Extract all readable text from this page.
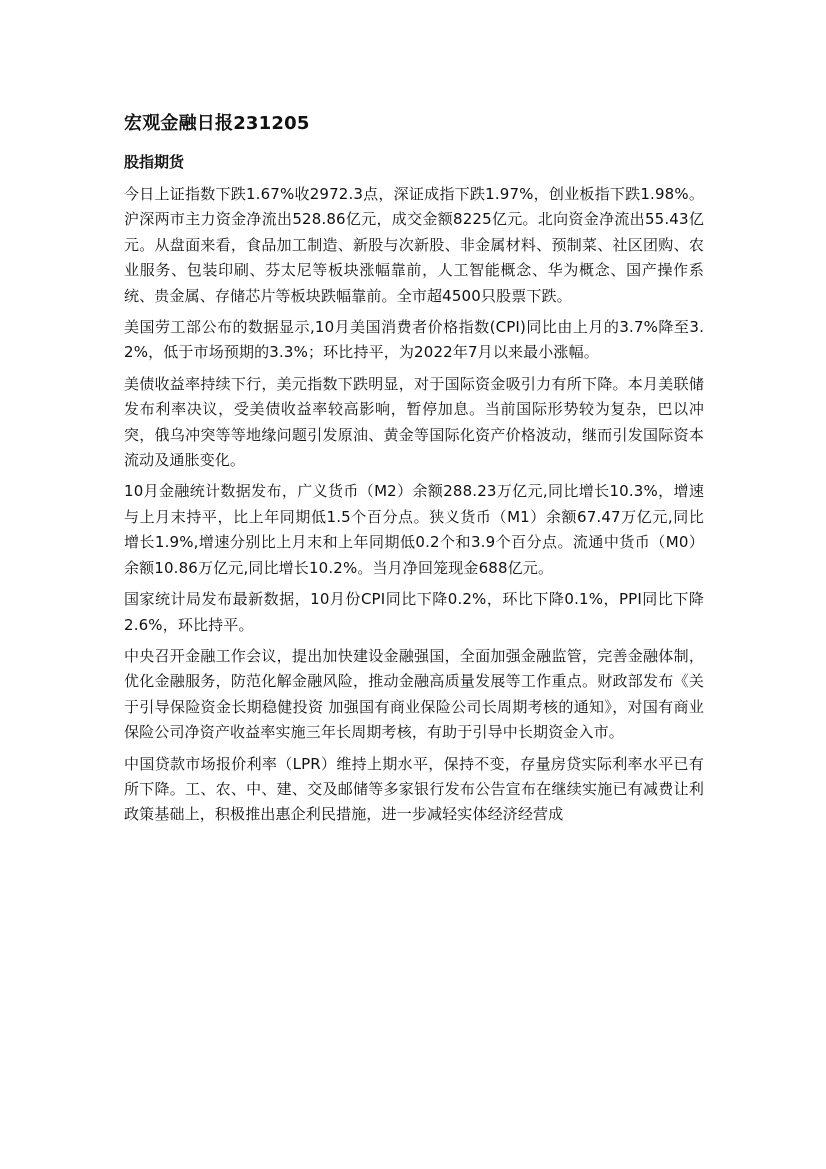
宏观金融日报231205
股指期货

今日上证指数下跌1.67%收2972.3点，深证成指下跌1.97%，创业板指下跌1.98%。沪深两市主力资金净流出528.86亿元，成交金额8225亿元。北向资金净流出55.43亿元。从盘面来看，食品加工制造、新股与次新股、非金属材料、预制菜、社区团购、农业服务、包装印刷、芬太尼等板块涨幅靠前，人工智能概念、华为概念、国产操作系统、贵金属、存储芯片等板块跌幅靠前。全市超4500只股票下跌。

美国劳工部公布的数据显示,10月美国消费者价格指数(CPI)同比由上月的3.7%降至3.2%，低于市场预期的3.3%；环比持平，为2022年7月以来最小涨幅。

美债收益率持续下行，美元指数下跌明显，对于国际资金吸引力有所下降。本月美联储发布利率决议，受美债收益率较高影响，暂停加息。当前国际形势较为复杂，巴以冲突，俄乌冲突等等地缘问题引发原油、黄金等国际化资产价格波动，继而引发国际资本流动及通胀变化。

10月金融统计数据发布，广义货币（M2）余额288.23万亿元,同比增长10.3%，增速与上月末持平，比上年同期低1.5个百分点。狭义货币（M1）余额67.47万亿元,同比增长1.9%,增速分别比上月末和上年同期低0.2个和3.9个百分点。流通中货币（M0）余额10.86万亿元,同比增长10.2%。当月净回笼现金688亿元。

国家统计局发布最新数据，10月份CPI同比下降0.2%，环比下降0.1%，PPI同比下降2.6%，环比持平。

中央召开金融工作会议，提出加快建设金融强国，全面加强金融监管，完善金融体制，优化金融服务，防范化解金融风险，推动金融高质量发展等工作重点。财政部发布《关于引导保险资金长期稳健投资 加强国有商业保险公司长周期考核的通知》，对国有商业保险公司净资产收益率实施三年长周期考核，有助于引导中长期资金入市。

中国贷款市场报价利率（LPR）维持上期水平，保持不变，存量房贷实际利率水平已有所下降。工、农、中、建、交及邮储等多家银行发布公告宣布在继续实施已有减费让利政策基础上，积极推出惠企利民措施，进一步减轻实体经济经营成
